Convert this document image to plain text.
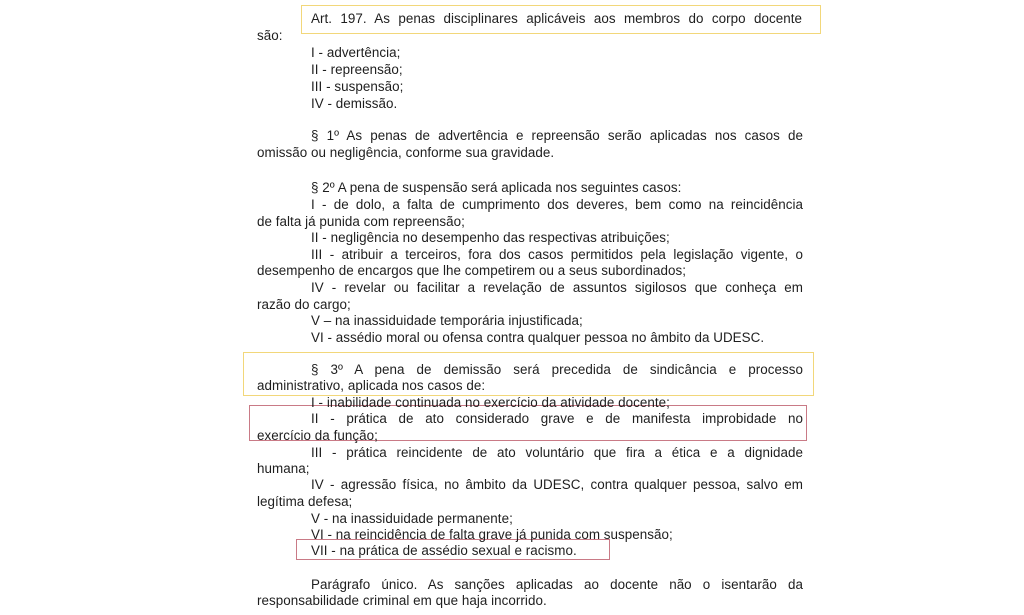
Art. 197. As penas disciplinares aplicáveis aos membros do corpo docente
são:
I - advertência;
II - repreensão;
III - suspensão;
IV - demissão.
§ 1º As penas de advertência e repreensão serão aplicadas nos casos de
omissão ou negligência, conforme sua gravidade.
§ 2º A pena de suspensão será aplicada nos seguintes casos:
I - de dolo, a falta de cumprimento dos deveres, bem como na reincidência
de falta já punida com repreensão;
II - negligência no desempenho das respectivas atribuições;
III - atribuir a terceiros, fora dos casos permitidos pela legislação vigente, o
desempenho de encargos que lhe competirem ou a seus subordinados;
IV - revelar ou facilitar a revelação de assuntos sigilosos que conheça em
razão do cargo;
V – na inassiduidade temporária injustificada;
VI - assédio moral ou ofensa contra qualquer pessoa no âmbito da UDESC.
§ 3º A pena de demissão será precedida de sindicância e processo
administrativo, aplicada nos casos de:
I - inabilidade continuada no exercício da atividade docente;
II - prática de ato considerado grave e de manifesta improbidade no
exercício da função;
III - prática reincidente de ato voluntário que fira a ética e a dignidade
humana;
IV - agressão física, no âmbito da UDESC, contra qualquer pessoa, salvo em
legítima defesa;
V - na inassiduidade permanente;
VI - na reincidência de falta grave já punida com suspensão;
VII - na prática de assédio sexual e racismo.
Parágrafo único. As sanções aplicadas ao docente não o isentarão da
responsabilidade criminal em que haja incorrido.
